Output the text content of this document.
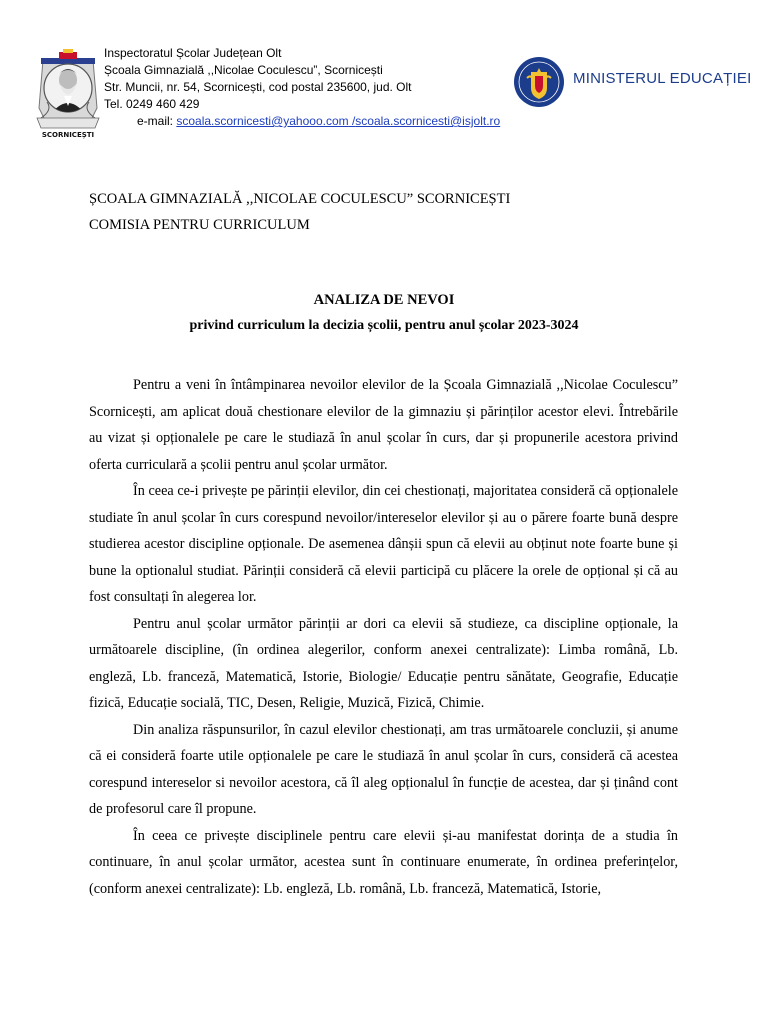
SCORNICEȘTI
Inspectoratul Școlar Județean Olt
Școala Gimnazială ,,Nicolae Coculescu”, Scornicești
Str. Muncii, nr. 54, Scornicești, cod postal 235600, jud. Olt
Tel. 0249 460 429
e-mail: scoala.scornicesti@yahooo.com /scoala.scornicesti@isjolt.ro
MINISTERUL EDUCAȚIEI
ȘCOALA GIMNAZIALĂ ,,NICOLAE COCULESCU” SCORNICEȘTI
COMISIA PENTRU CURRICULUM
ANALIZA DE NEVOI
privind curriculum la decizia școlii, pentru anul școlar 2023-3024

Pentru a veni în întâmpinarea nevoilor elevilor de la Școala Gimnazială ,,Nicolae Coculescu” Scornicești, am aplicat două chestionare elevilor de la gimnaziu și părinților acestor elevi. Întrebările au vizat și opționalele pe care le studiază în anul școlar în curs, dar și propunerile acestora privind oferta curriculară a școlii pentru anul școlar următor.

În ceea ce-i privește pe părinții elevilor, din cei chestionați, majoritatea consideră că opționalele studiate în anul școlar în curs corespund nevoilor/intereselor elevilor și au o părere foarte bună despre studierea acestor discipline opționale. De asemenea dânșii spun că elevii au obținut note foarte bune și bune la optionalul studiat. Părinții consideră că elevii participă cu plăcere la orele de opțional și că au fost consultați în alegerea lor.

Pentru anul școlar următor părinții ar dori ca elevii să studieze, ca discipline opționale, la următoarele discipline, (în ordinea alegerilor, conform anexei centralizate): Limba română, Lb. engleză, Lb. franceză, Matematică, Istorie, Biologie/ Educație pentru sănătate, Geografie, Educație fizică, Educație socială, TIC, Desen, Religie, Muzică, Fizică, Chimie.

Din analiza răspunsurilor, în cazul elevilor chestionați, am tras următoarele concluzii, și anume că ei consideră foarte utile opționalele pe care le studiază în anul școlar în curs, consideră că acestea corespund intereselor si nevoilor acestora, că îl aleg opționalul în funcție de acestea, dar și ținând cont de profesorul care îl propune.

În ceea ce privește disciplinele pentru care elevii și-au manifestat dorința de a studia în continuare, în anul școlar următor, acestea sunt în continuare enumerate, în ordinea preferințelor, (conform anexei centralizate): Lb. engleză, Lb. română, Lb. franceză, Matematică, Istorie,
